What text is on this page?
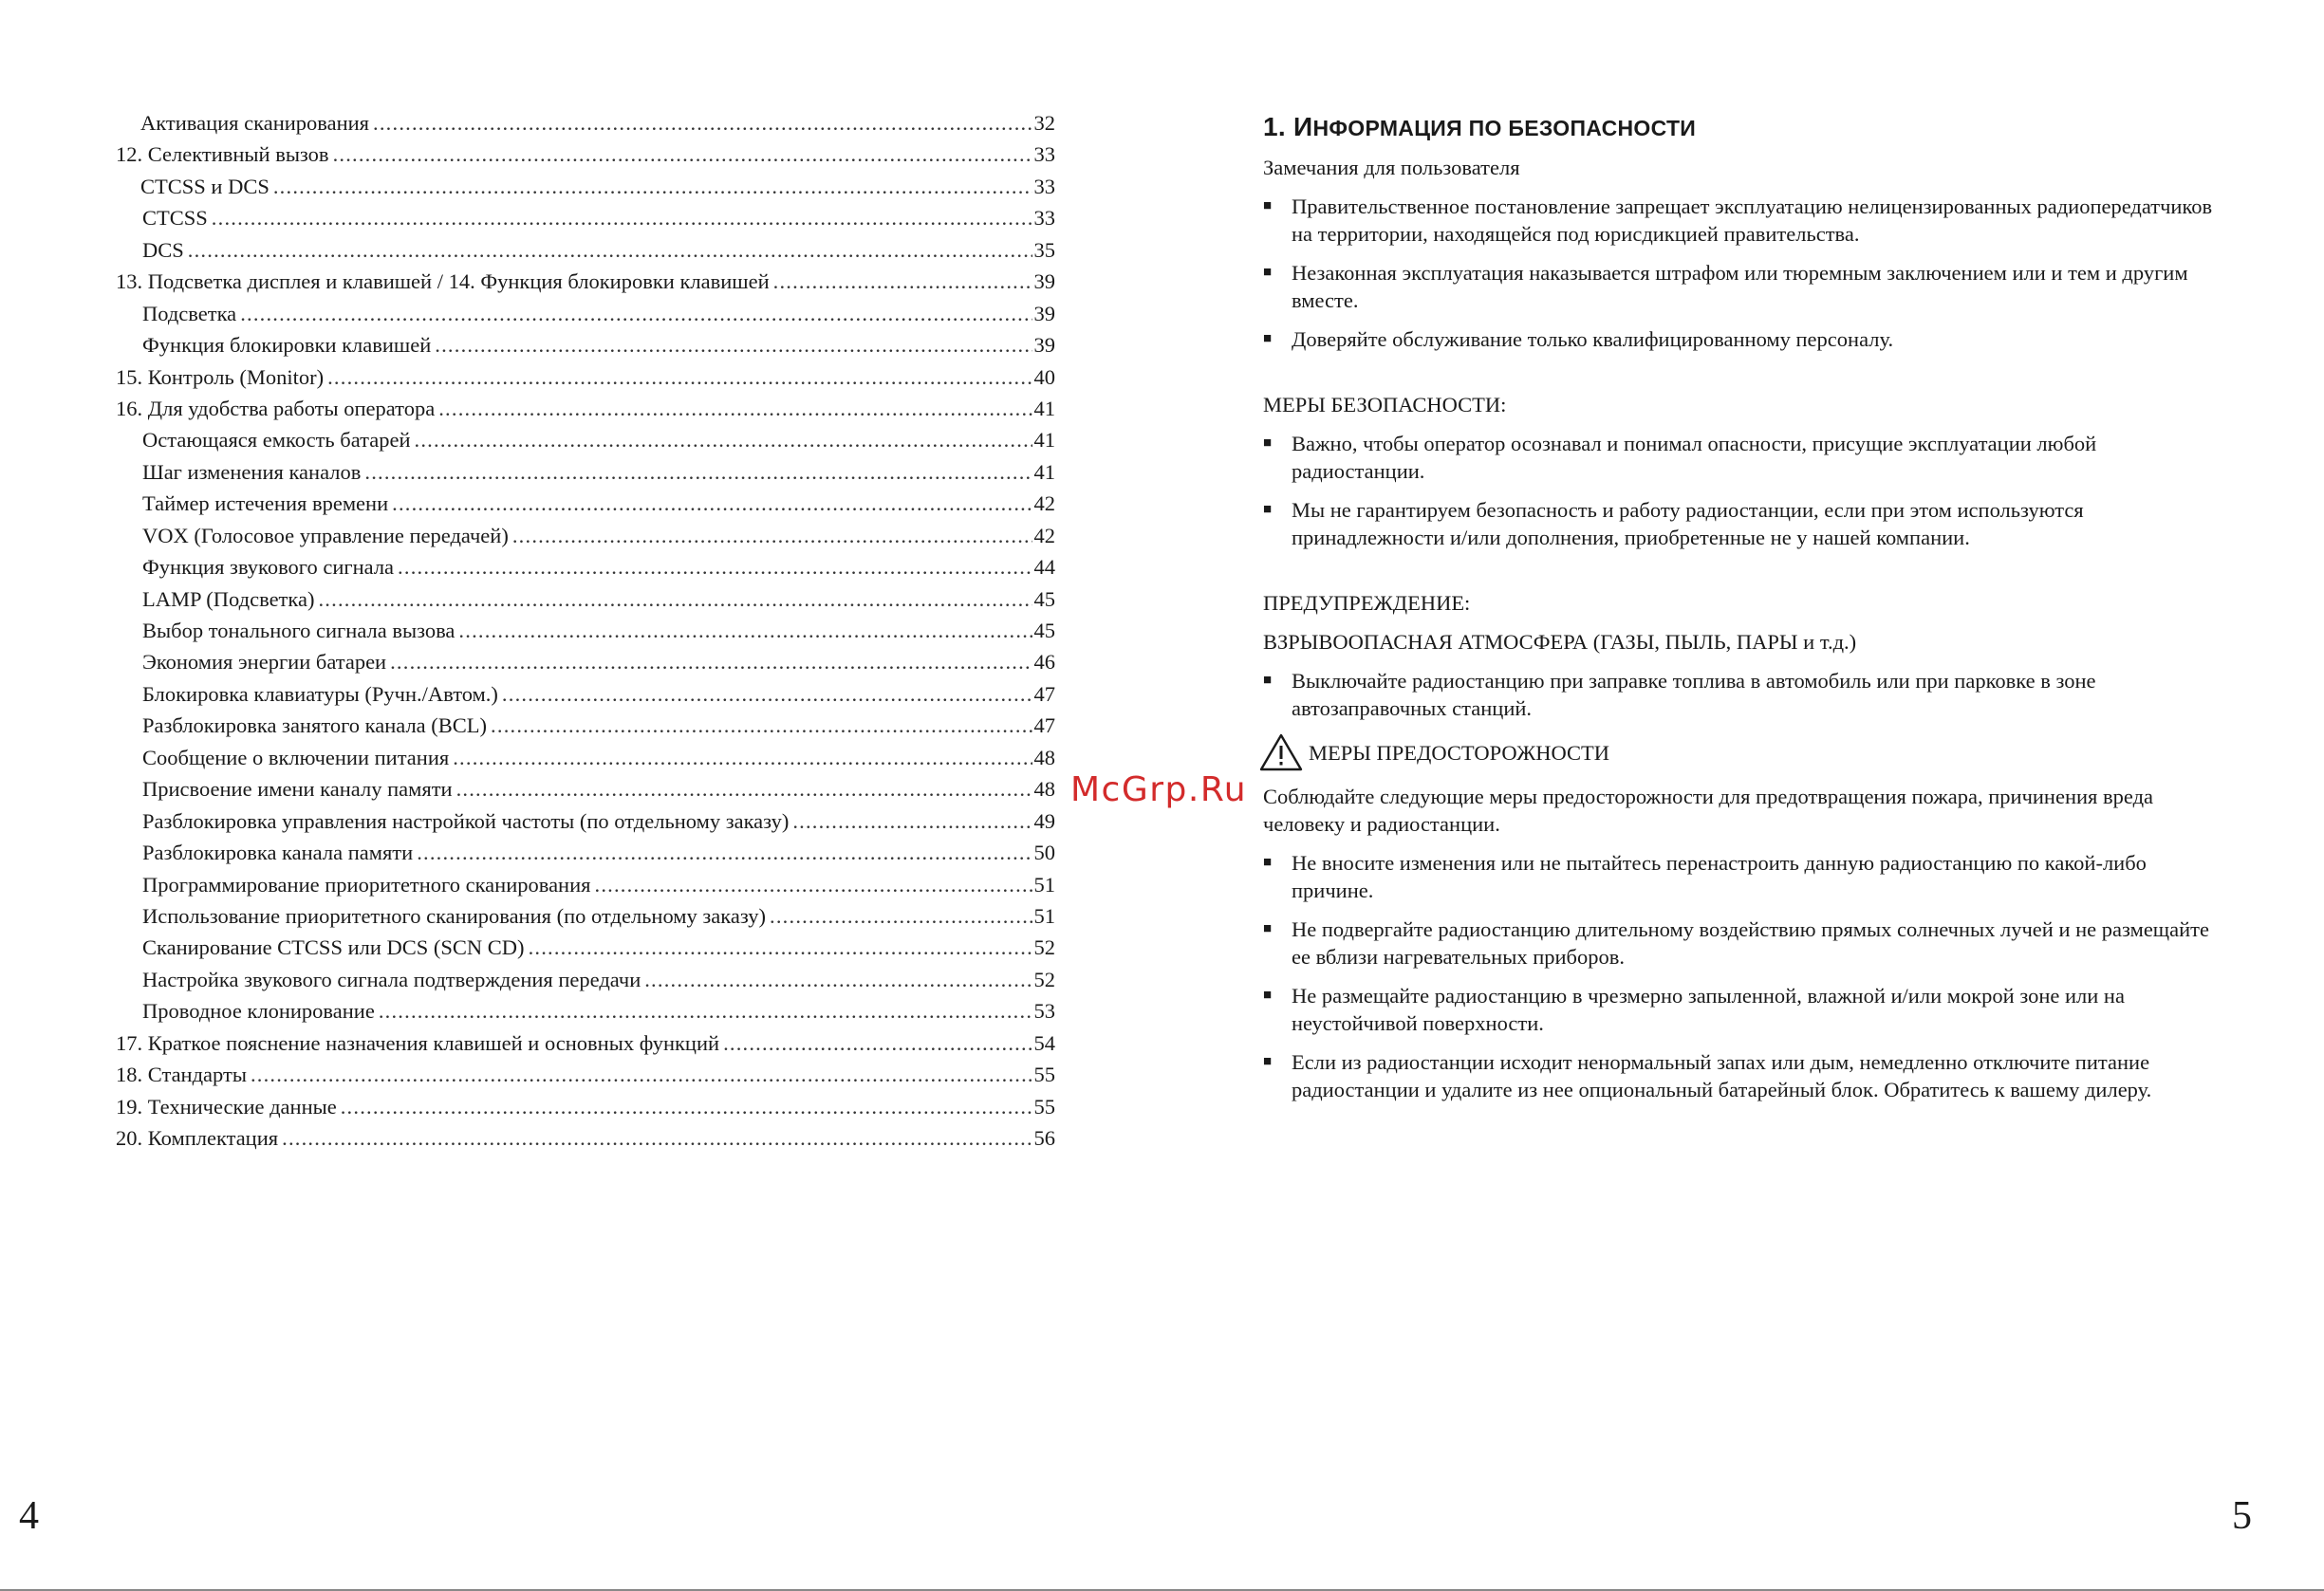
Активация сканирования .....	32
12. Селективный вызов .....	33
CTCSS и DCS .....	33
CTCSS .....	33
DCS .....	35
13. Подсветка дисплея и клавишей / 14. Функция блокировки клавишей .....	39
Подсветка .....	39
Функция блокировки клавишей .....	39
15. Контроль (Monitor) .....	40
16. Для удобства работы оператора .....	41
Остающаяся емкость батарей .....	41
Шаг изменения каналов .....	41
Таймер истечения времени .....	42
VOX (Голосовое управление передачей) .....	42
Функция звукового сигнала .....	44
LAMP (Подсветка) .....	45
Выбор тонального сигнала вызова .....	45
Экономия энергии батареи .....	46
Блокировка клавиатуры (Ручн./Автом.) .....	47
Разблокировка занятого канала (BCL) .....	47
Сообщение о включении питания .....	48
Присвоение имени каналу памяти .....	48
Разблокировка управления настройкой частоты (по отдельному заказу) .....	49
Разблокировка канала памяти .....	50
Программирование приоритетного сканирования .....	51
Использование приоритетного сканирования (по отдельному заказу) .....	51
Сканирование CTCSS или DCS (SCN CD) .....	52
Настройка звукового сигнала подтверждения передачи .....	52
Проводное клонирование .....	53
17. Краткое пояснение назначения клавишей и основных функций .....	54
18. Стандарты .....	55
19. Технические данные .....	55
20. Комплектация .....	56
1. ИНФОРМАЦИЯ ПО БЕЗОПАСНОСТИ
Замечания для пользователя
■ Правительственное постановление запрещает эксплуатацию нелицензированных радиопередатчиков на территории, находящейся под юрисдикцией правительства.
■ Незаконная эксплуатация наказывается штрафом или тюремным заключением или и тем и другим вместе.
■ Доверяйте обслуживание только квалифицированному персоналу.
МЕРЫ БЕЗОПАСНОСТИ:
■ Важно, чтобы оператор осознавал и понимал опасности, присущие эксплуатации любой радиостанции.
■ Мы не гарантируем безопасность и работу радиостанции, если при этом используются принадлежности и/или дополнения, приобретенные не у нашей компании.
ПРЕДУПРЕЖДЕНИЕ:
ВЗРЫВООПАСНАЯ АТМОСФЕРА (ГАЗЫ, ПЫЛЬ, ПАРЫ и т.д.)
■ Выключайте радиостанцию при заправке топлива в автомобиль или при парковке в зоне автозаправочных станций.
МЕРЫ ПРЕДОСТОРОЖНОСТИ
Соблюдайте следующие меры предосторожности для предотвращения пожара, причинения вреда человеку и радиостанции.
■ Не вносите изменения или не пытайтесь перенастроить данную радиостанцию по какой-либо причине.
■ Не подвергайте радиостанцию длительному воздействию прямых солнечных лучей и не размещайте ее вблизи нагревательных приборов.
■ Не размещайте радиостанцию в чрезмерно запыленной, влажной и/или мокрой зоне или на неустойчивой поверхности.
■ Если из радиостанции исходит ненормальный запах или дым, немедленно отключите питание радиостанции и удалите из нее опциональный батарейный блок. Обратитесь к вашему дилеру.
McGrp.Ru
4	5
